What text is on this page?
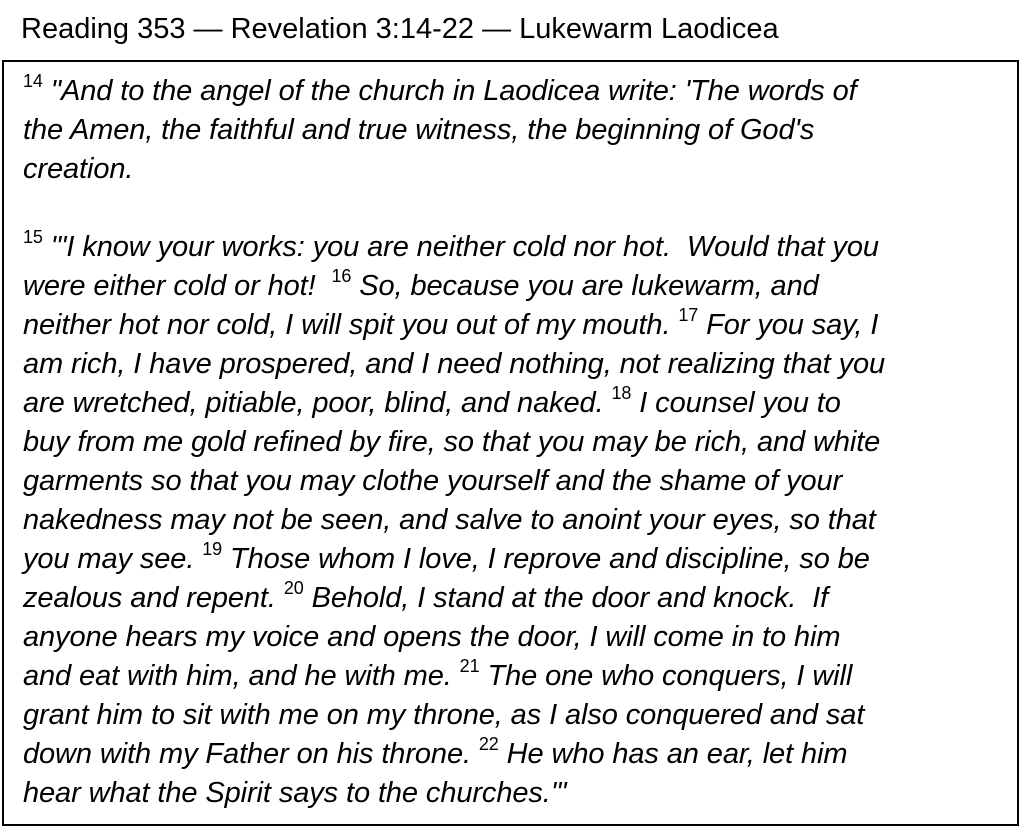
Reading 353 — Revelation 3:14-22 — Lukewarm Laodicea
$^{14}$ "And to the angel of the church in Laodicea write: 'The words of
the Amen, the faithful and true witness, the beginning of God's
creation.
$^{15}$ "'I know your works: you are neither cold nor hot.  Would that you
were either cold or hot!  $^{16}$ So, because you are lukewarm, and
neither hot nor cold, I will spit you out of my mouth. $^{17}$ For you say, I
am rich, I have prospered, and I need nothing, not realizing that you
are wretched, pitiable, poor, blind, and naked. $^{18}$ I counsel you to
buy from me gold refined by fire, so that you may be rich, and white
garments so that you may clothe yourself and the shame of your
nakedness may not be seen, and salve to anoint your eyes, so that
you may see. $^{19}$ Those whom I love, I reprove and discipline, so be
zealous and repent. $^{20}$ Behold, I stand at the door and knock.  If
anyone hears my voice and opens the door, I will come in to him
and eat with him, and he with me. $^{21}$ The one who conquers, I will
grant him to sit with me on my throne, as I also conquered and sat
down with my Father on his throne. $^{22}$ He who has an ear, let him
hear what the Spirit says to the churches.'"
